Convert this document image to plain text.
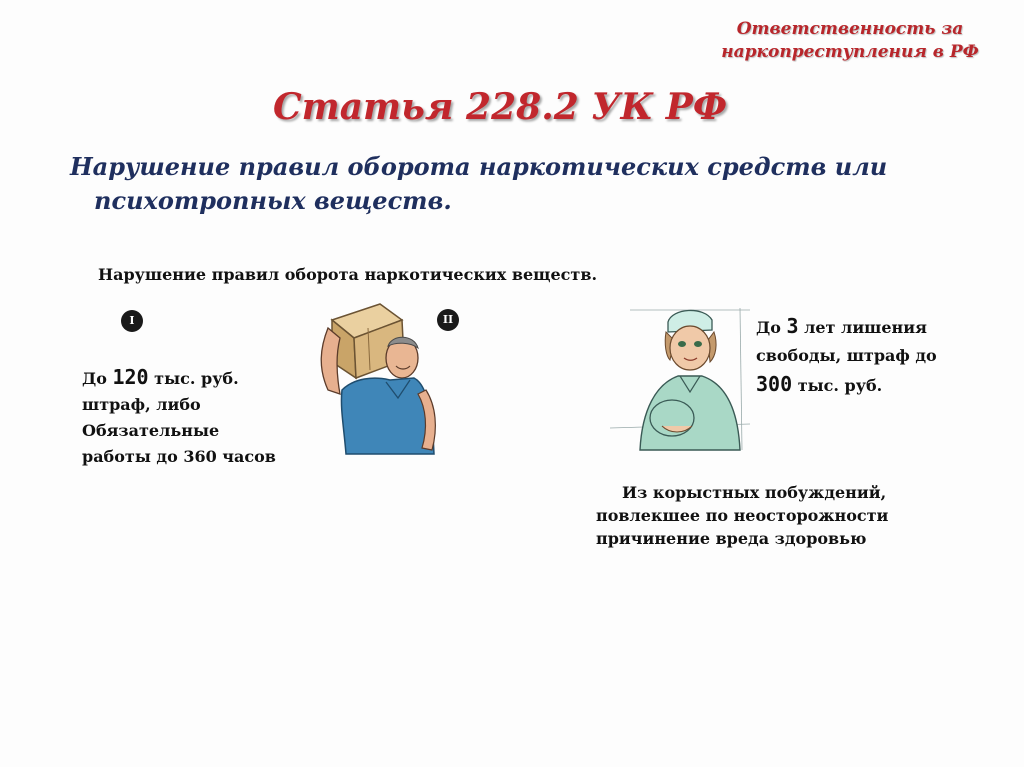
Ответственность за
наркопреступления в РФ
Статья 228.2 УК РФ
Нарушение правил оборота наркотических средств или
психотропных веществ.
Нарушение правил оборота наркотических веществ.
I	II
До 120 тыс. руб.
штраф, либо
Обязательные
работы до 360 часов
До 3 лет лишения
свободы, штраф до
300 тыс. руб.
Из корыстных побуждений,
повлекшее по неосторожности
причинение вреда здоровью
